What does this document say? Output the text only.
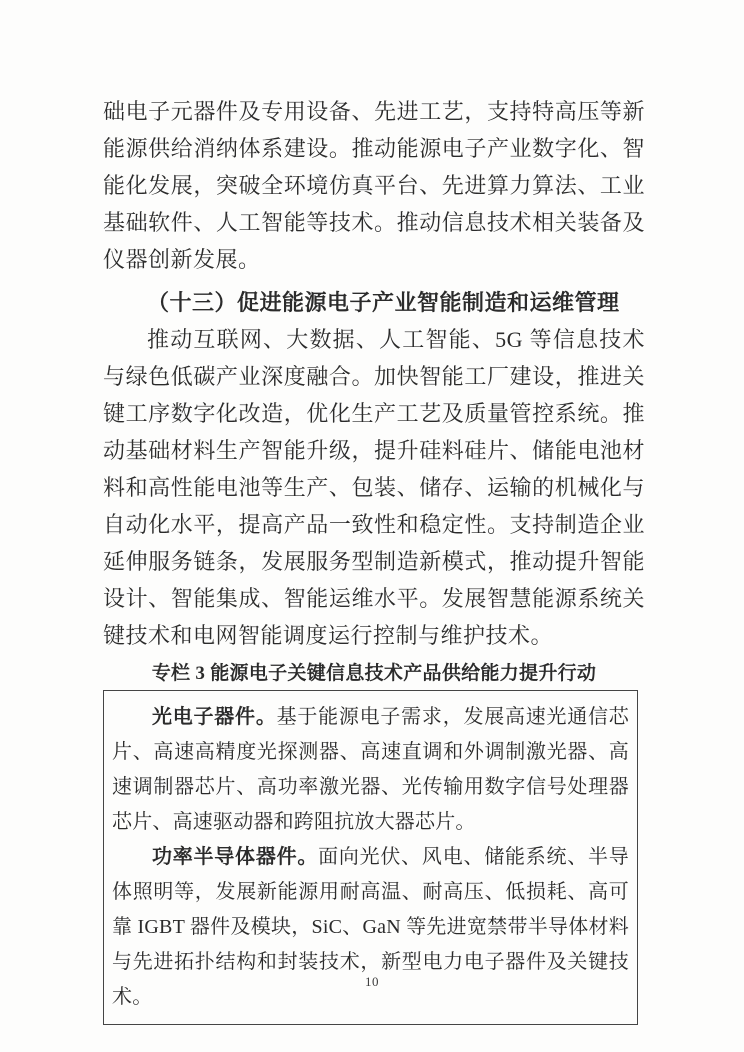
础电子元器件及专用设备、先进工艺，支持特高压等新能源供给消纳体系建设。推动能源电子产业数字化、智能化发展，突破全环境仿真平台、先进算力算法、工业基础软件、人工智能等技术。推动信息技术相关装备及仪器创新发展。

（十三）促进能源电子产业智能制造和运维管理

推动互联网、大数据、人工智能、5G 等信息技术与绿色低碳产业深度融合。加快智能工厂建设，推进关键工序数字化改造，优化生产工艺及质量管控系统。推动基础材料生产智能升级，提升硅料硅片、储能电池材料和高性能电池等生产、包装、储存、运输的机械化与自动化水平，提高产品一致性和稳定性。支持制造企业延伸服务链条，发展服务型制造新模式，推动提升智能设计、智能集成、智能运维水平。发展智慧能源系统关键技术和电网智能调度运行控制与维护技术。

专栏 3 能源电子关键信息技术产品供给能力提升行动

光电子器件。基于能源电子需求，发展高速光通信芯片、高速高精度光探测器、高速直调和外调制激光器、高速调制器芯片、高功率激光器、光传输用数字信号处理器芯片、高速驱动器和跨阻抗放大器芯片。

功率半导体器件。面向光伏、风电、储能系统、半导体照明等，发展新能源用耐高温、耐高压、低损耗、高可靠 IGBT 器件及模块，SiC、GaN 等先进宽禁带半导体材料与先进拓扑结构和封装技术，新型电力电子器件及关键技术。

10
